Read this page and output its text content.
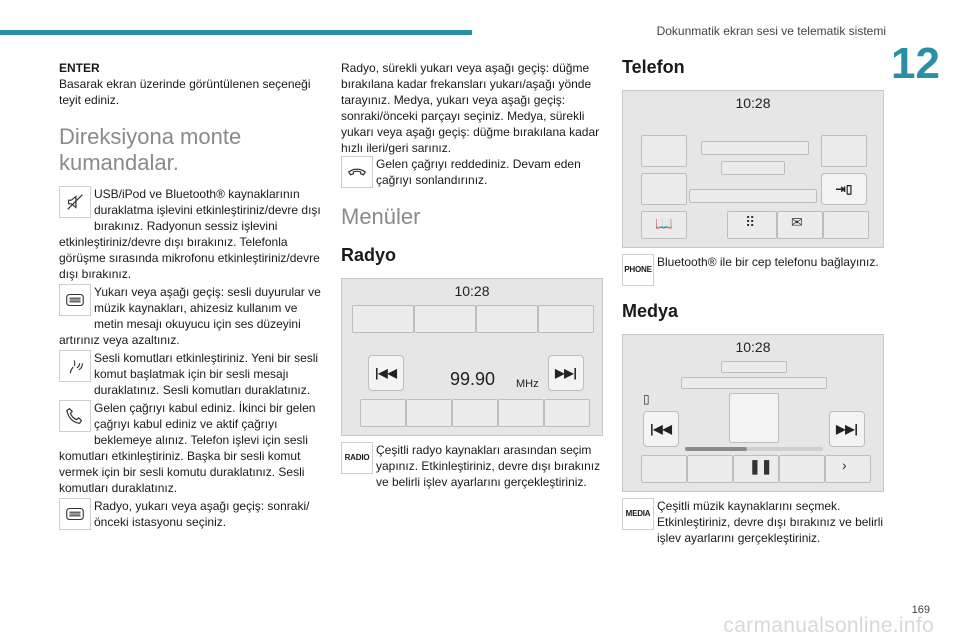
Dokunmatik ekran sesi ve telematik sistemi
12
ENTER
Basarak ekran üzerinde görüntülenen seçeneği teyit ediniz.
Direksiyona monte kumandalar.
USB/iPod ve Bluetooth® kaynaklarının duraklatma işlevini etkinleştiriniz/devre dışı bırakınız. Radyonun sessiz işlevini etkinleştiriniz/devre dışı bırakınız. Telefonla görüşme sırasında mikrofonu etkinleştiriniz/devre dışı bırakınız.
Yukarı veya aşağı geçiş: sesli duyurular ve müzik kaynakları, ahizesiz kullanım ve metin mesajı okuyucu için ses düzeyini artırınız veya azaltınız.
Sesli komutları etkinleştiriniz. Yeni bir sesli komut başlatmak için bir sesli mesajı duraklatınız. Sesli komutları duraklatınız.
Gelen çağrıyı kabul ediniz. İkinci bir gelen çağrıyı kabul ediniz ve aktif çağrıyı beklemeye alınız. Telefon işlevi için sesli komutları etkinleştiriniz. Başka bir sesli komut vermek için bir sesli komutu duraklatınız. Sesli komutları duraklatınız.
Radyo, yukarı veya aşağı geçiş: sonraki/önceki istasyonu seçiniz.
Radyo, sürekli yukarı veya aşağı geçiş: düğme bırakılana kadar frekansları yukarı/aşağı yönde tarayınız. Medya, yukarı veya aşağı geçiş: sonraki/önceki parçayı seçiniz. Medya, sürekli yukarı veya aşağı geçiş: düğme bırakılana kadar hızlı ileri/geri sarınız.
Gelen çağrıyı reddediniz. Devam eden çağrıyı sonlandırınız.
Menüler
Radyo
10:28
|◀◀	99.90 MHz
▶▶|
RADIO
Çeşitli radyo kaynakları arasından seçim yapınız. Etkinleştiriniz, devre dışı bırakınız ve belirli işlev ayarlarını gerçekleştiriniz.
Telefon
10:28
⇥▯
📖	⠿	✉
PHONE
Bluetooth® ile bir cep telefonu bağlayınız.
Medya
10:28
▯
|◀◀	▶▶|
❚❚	›
MEDIA
Çeşitli müzik kaynaklarını seçmek. Etkinleştiriniz, devre dışı bırakınız ve belirli işlev ayarlarını gerçekleştiriniz.
169
carmanualsonline.info
